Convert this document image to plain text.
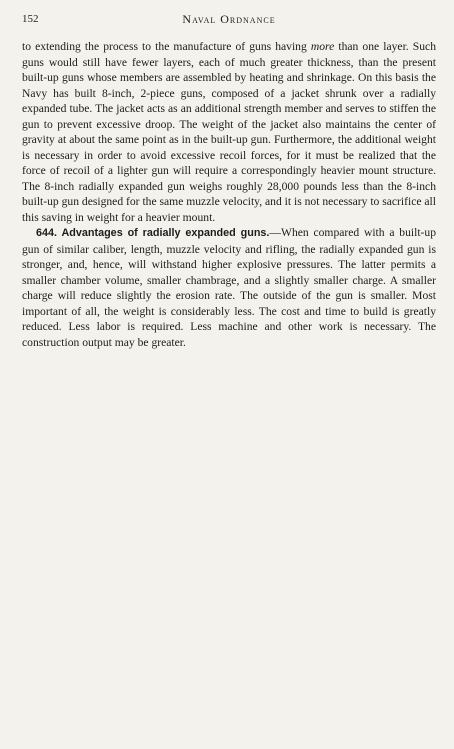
152	Naval Ordnance

to extending the process to the manufacture of guns having more than one layer. Such guns would still have fewer layers, each of much greater thickness, than the present built-up guns whose members are assembled by heating and shrinkage. On this basis the Navy has built 8-inch, 2-piece guns, composed of a jacket shrunk over a radially expanded tube. The jacket acts as an additional strength member and serves to stiffen the gun to prevent excessive droop. The weight of the jacket also maintains the center of gravity at about the same point as in the built-up gun. Furthermore, the additional weight is necessary in order to avoid excessive recoil forces, for it must be realized that the force of recoil of a lighter gun will require a correspondingly heavier mount structure. The 8-inch radially expanded gun weighs roughly 28,000 pounds less than the 8-inch built-up gun designed for the same muzzle velocity, and it is not necessary to sacrifice all this saving in weight for a heavier mount.

644. Advantages of radially expanded guns.—When compared with a built-up gun of similar caliber, length, muzzle velocity and rifling, the radially expanded gun is stronger, and, hence, will withstand higher explosive pressures. The latter permits a smaller chamber volume, smaller chambrage, and a slightly smaller charge. A smaller charge will reduce slightly the erosion rate. The outside of the gun is smaller. Most important of all, the weight is considerably less. The cost and time to build is greatly reduced. Less labor is required. Less machine and other work is necessary. The construction output may be greater.
